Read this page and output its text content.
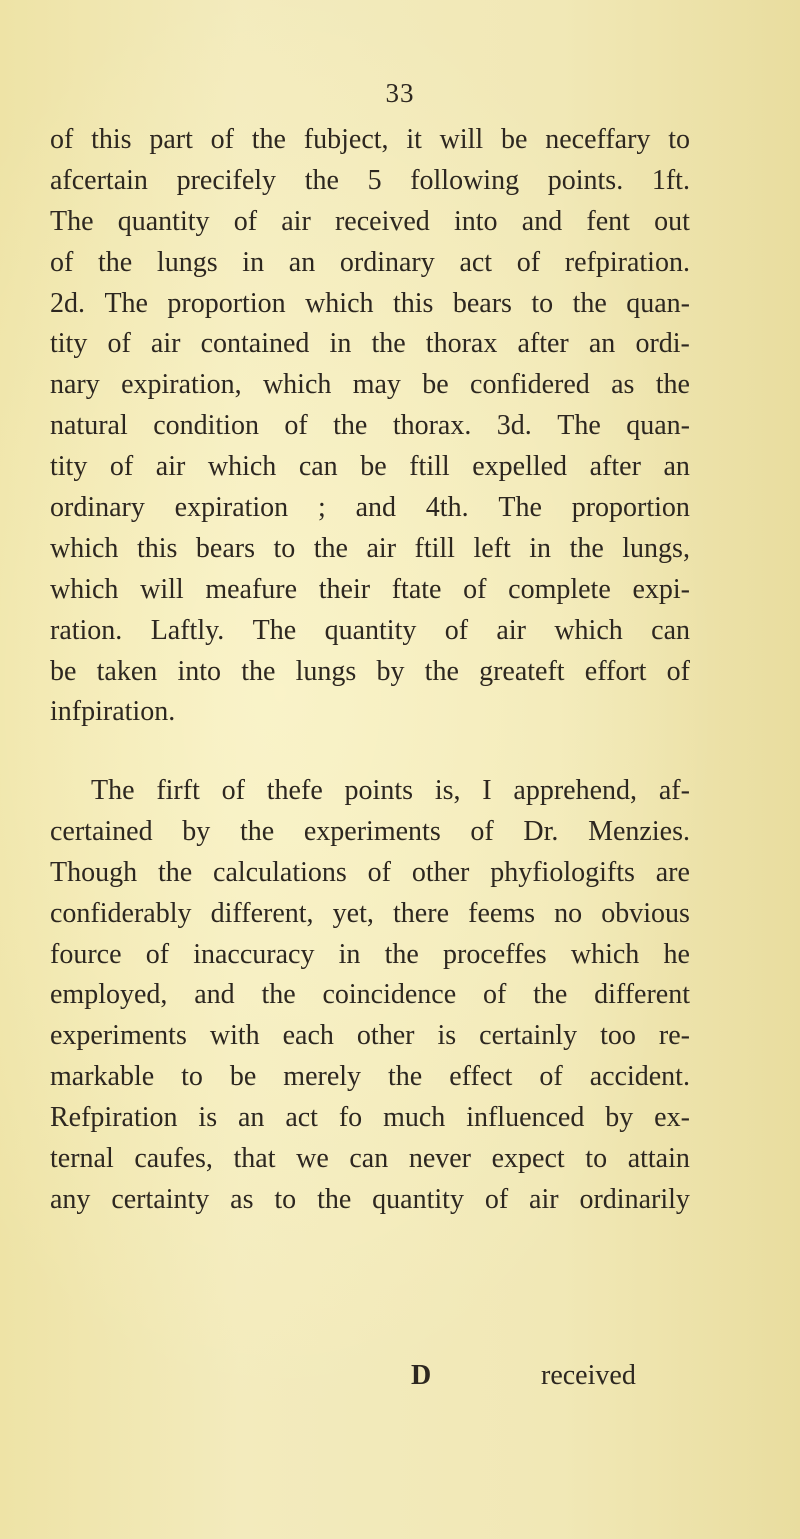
33
of this part of the fubject, it will be neceffary to
afcertain precifely the 5 following points. 1ft.
The quantity of air received into and fent out
of the lungs in an ordinary act of refpiration.
2d. The proportion which this bears to the quan-
tity of air contained in the thorax after an ordi-
nary expiration, which may be confidered as the
natural condition of the thorax. 3d. The quan-
tity of air which can be ftill expelled after an
ordinary expiration ; and 4th. The proportion
which this bears to the air ftill left in the lungs,
which will meafure their ftate of complete expi-
ration. Laftly. The quantity of air which can
be taken into the lungs by the greateft effort of
infpiration.
The firft of thefe points is, I apprehend, af-
certained by the experiments of Dr. Menzies.
Though the calculations of other phyfiologifts are
confiderably different, yet, there feems no obvious
fource of inaccuracy in the proceffes which he
employed, and the coincidence of the different
experiments with each other is certainly too re-
markable to be merely the effect of accident.
Refpiration is an act fo much influenced by ex-
ternal caufes, that we can never expect to attain
any certainty as to the quantity of air ordinarily
D	received
